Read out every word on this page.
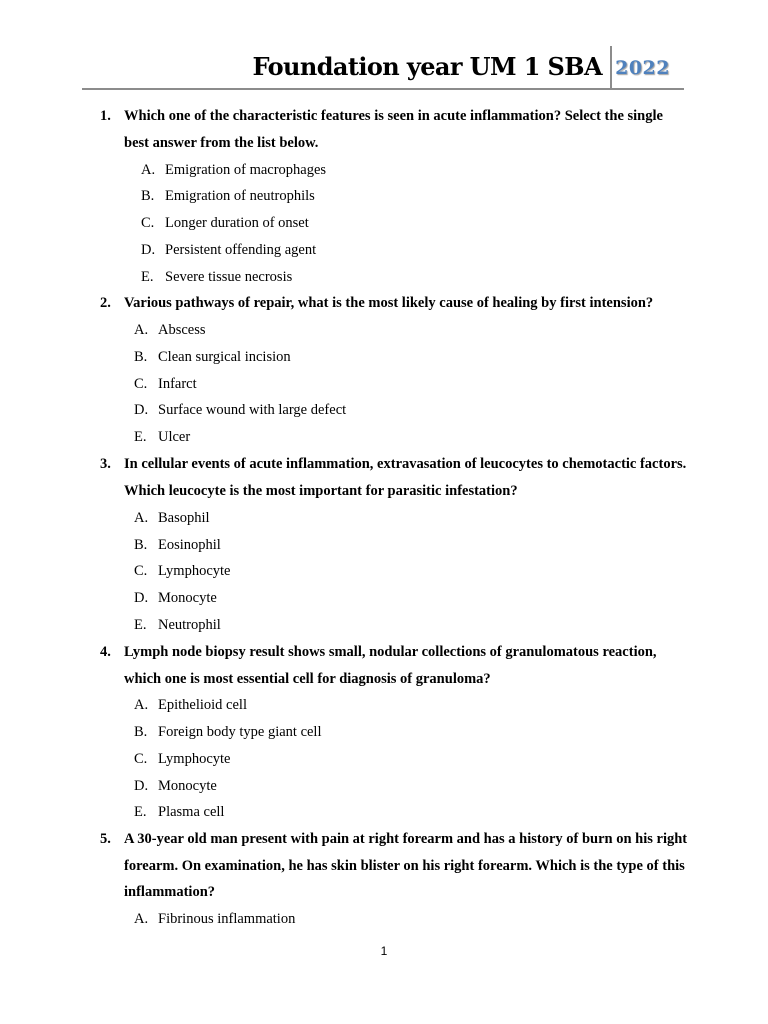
Foundation year UM 1 SBA 2022
1. Which one of the characteristic features is seen in acute inflammation? Select the single best answer from the list below.
A. Emigration of macrophages
B. Emigration of neutrophils
C. Longer duration of onset
D. Persistent offending agent
E. Severe tissue necrosis
2. Various pathways of repair, what is the most likely cause of healing by first intension?
A. Abscess
B. Clean surgical incision
C. Infarct
D. Surface wound with large defect
E. Ulcer
3. In cellular events of acute inflammation, extravasation of leucocytes to chemotactic factors. Which leucocyte is the most important for parasitic infestation?
A. Basophil
B. Eosinophil
C. Lymphocyte
D. Monocyte
E. Neutrophil
4. Lymph node biopsy result shows small, nodular collections of granulomatous reaction, which one is most essential cell for diagnosis of granuloma?
A. Epithelioid cell
B. Foreign body type giant cell
C. Lymphocyte
D. Monocyte
E. Plasma cell
5. A 30-year old man present with pain at right forearm and has a history of burn on his right forearm. On examination, he has skin blister on his right forearm. Which is the type of this inflammation?
A. Fibrinous inflammation
1
